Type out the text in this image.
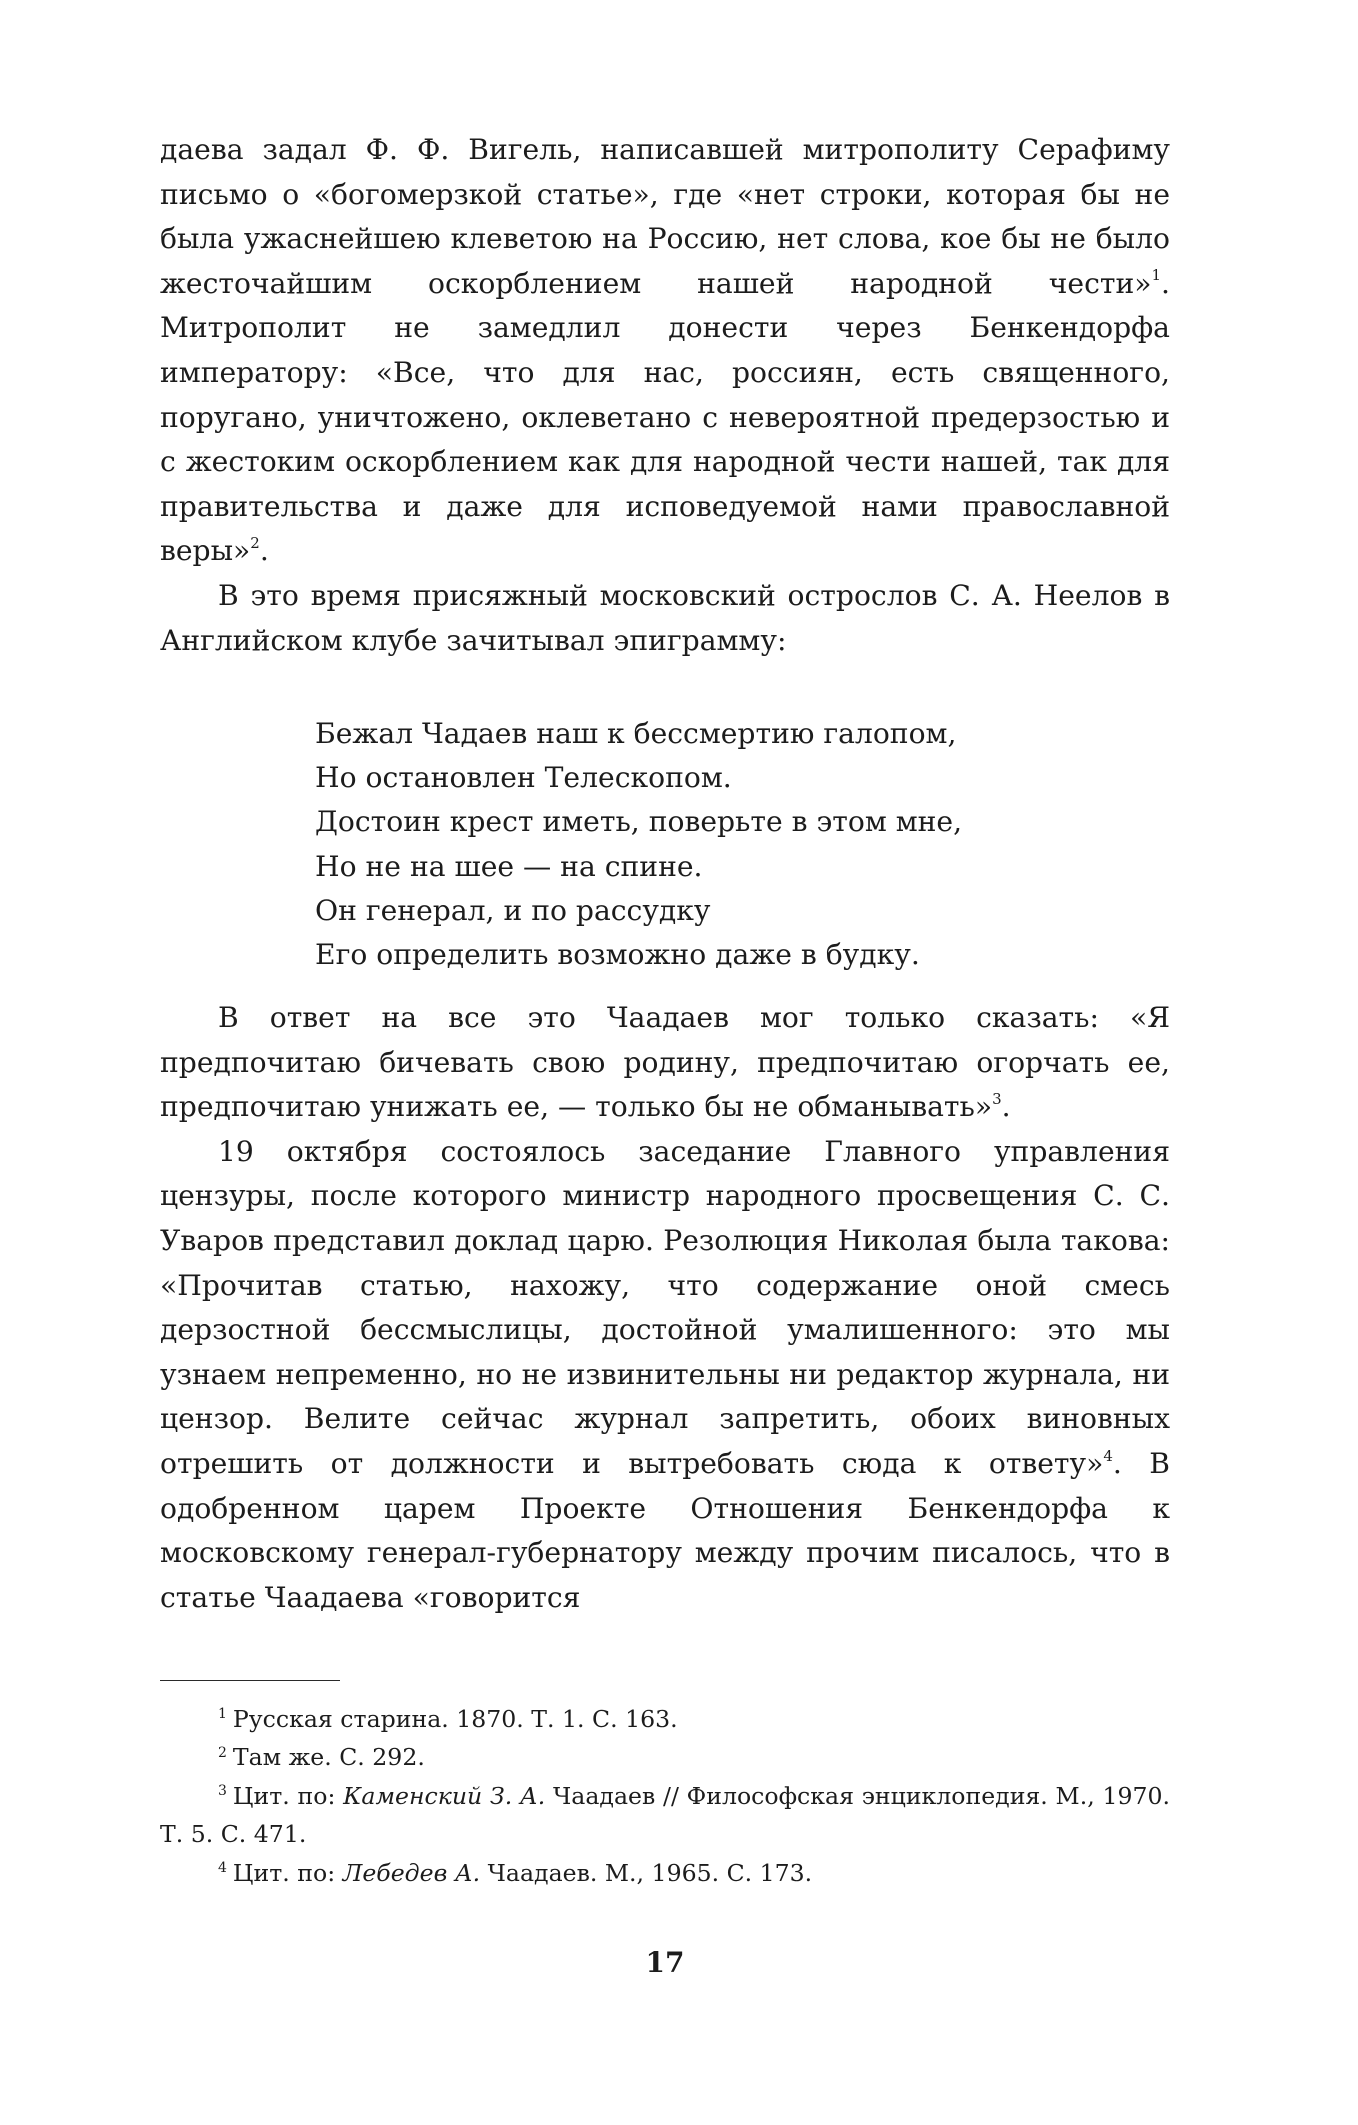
даева задал Ф. Ф. Вигель, написавшей митрополиту Серафиму письмо о «богомерзкой статье», где «нет строки, которая бы не была ужаснейшею клеветою на Россию, нет слова, кое бы не было жесточайшим оскорблением нашей народной чести»$^1$. Митрополит не замедлил донести через Бенкендорфа императору: «Все, что для нас, россиян, есть священного, поругано, уничтожено, оклеветано с невероятной предерзостью и с жестоким оскорблением как для народной чести нашей, так для правительства и даже для исповедуемой нами православной веры»$^2$.

В это время присяжный московский острослов С. А. Неелов в Английском клубе зачитывал эпиграмму:

Бежал Чадаев наш к бессмертию галопом,
Но остановлен Телескопом.
Достоин крест иметь, поверьте в этом мне,
Но не на шее — на спине.
Он генерал, и по рассудку
Его определить возможно даже в будку.

В ответ на все это Чаадаев мог только сказать: «Я предпочитаю бичевать свою родину, предпочитаю огорчать ее, предпочитаю унижать ее, — только бы не обманывать»$^3$.

19 октября состоялось заседание Главного управления цензуры, после которого министр народного просвещения С. С. Уваров представил доклад царю. Резолюция Николая была такова: «Прочитав статью, нахожу, что содержание оной смесь дерзостной бессмыслицы, достойной умалишенного: это мы узнаем непременно, но не извинительны ни редактор журнала, ни цензор. Велите сейчас журнал запретить, обоих виновных отрешить от должности и вытребовать сюда к ответу»$^4$. В одобренном царем Проекте Отношения Бенкендорфа к московскому генерал-губернатору между прочим писалось, что в статье Чаадаева «говорится

$^1$ Русская старина. 1870. Т. 1. С. 163.

$^2$ Там же. С. 292.

$^3$ Цит. по: Каменский З. А. Чаадаев // Философская энциклопедия. М., 1970. Т. 5. С. 471.

$^4$ Цит. по: Лебедев А. Чаадаев. М., 1965. С. 173.

17
